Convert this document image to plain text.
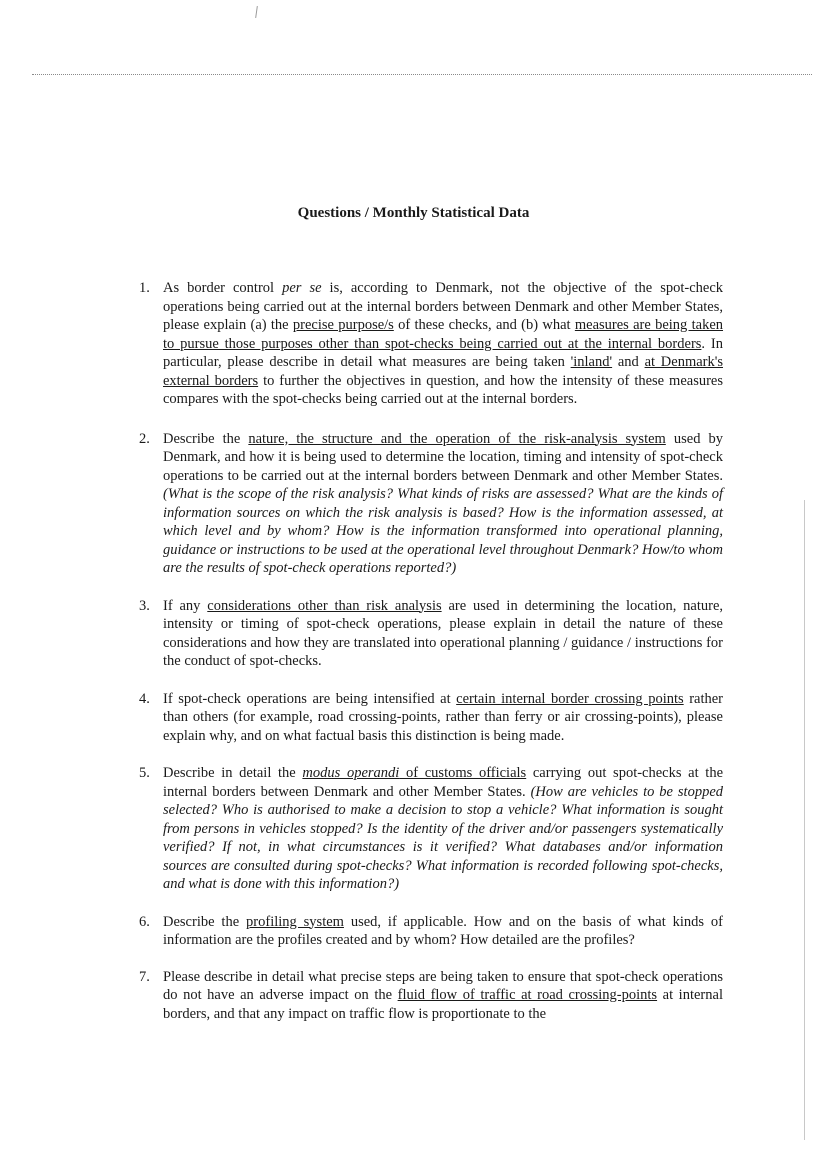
Questions / Monthly Statistical Data
1. As border control per se is, according to Denmark, not the objective of the spot-check operations being carried out at the internal borders between Denmark and other Member States, please explain (a) the precise purpose/s of these checks, and (b) what measures are being taken to pursue those purposes other than spot-checks being carried out at the internal borders. In particular, please describe in detail what measures are being taken 'inland' and at Denmark's external borders to further the objectives in question, and how the intensity of these measures compares with the spot-checks being carried out at the internal borders.
2. Describe the nature, the structure and the operation of the risk-analysis system used by Denmark, and how it is being used to determine the location, timing and intensity of spot-check operations to be carried out at the internal borders between Denmark and other Member States. (What is the scope of the risk analysis? What kinds of risks are assessed? What are the kinds of information sources on which the risk analysis is based? How is the information assessed, at which level and by whom? How is the information transformed into operational planning, guidance or instructions to be used at the operational level throughout Denmark? How/to whom are the results of spot-check operations reported?)
3. If any considerations other than risk analysis are used in determining the location, nature, intensity or timing of spot-check operations, please explain in detail the nature of these considerations and how they are translated into operational planning / guidance / instructions for the conduct of spot-checks.
4. If spot-check operations are being intensified at certain internal border crossing points rather than others (for example, road crossing-points, rather than ferry or air crossing-points), please explain why, and on what factual basis this distinction is being made.
5. Describe in detail the modus operandi of customs officials carrying out spot-checks at the internal borders between Denmark and other Member States. (How are vehicles to be stopped selected? Who is authorised to make a decision to stop a vehicle? What information is sought from persons in vehicles stopped? Is the identity of the driver and/or passengers systematically verified? If not, in what circumstances is it verified? What databases and/or information sources are consulted during spot-checks? What information is recorded following spot-checks, and what is done with this information?)
6. Describe the profiling system used, if applicable. How and on the basis of what kinds of information are the profiles created and by whom? How detailed are the profiles?
7. Please describe in detail what precise steps are being taken to ensure that spot-check operations do not have an adverse impact on the fluid flow of traffic at road crossing-points at internal borders, and that any impact on traffic flow is proportionate to the
